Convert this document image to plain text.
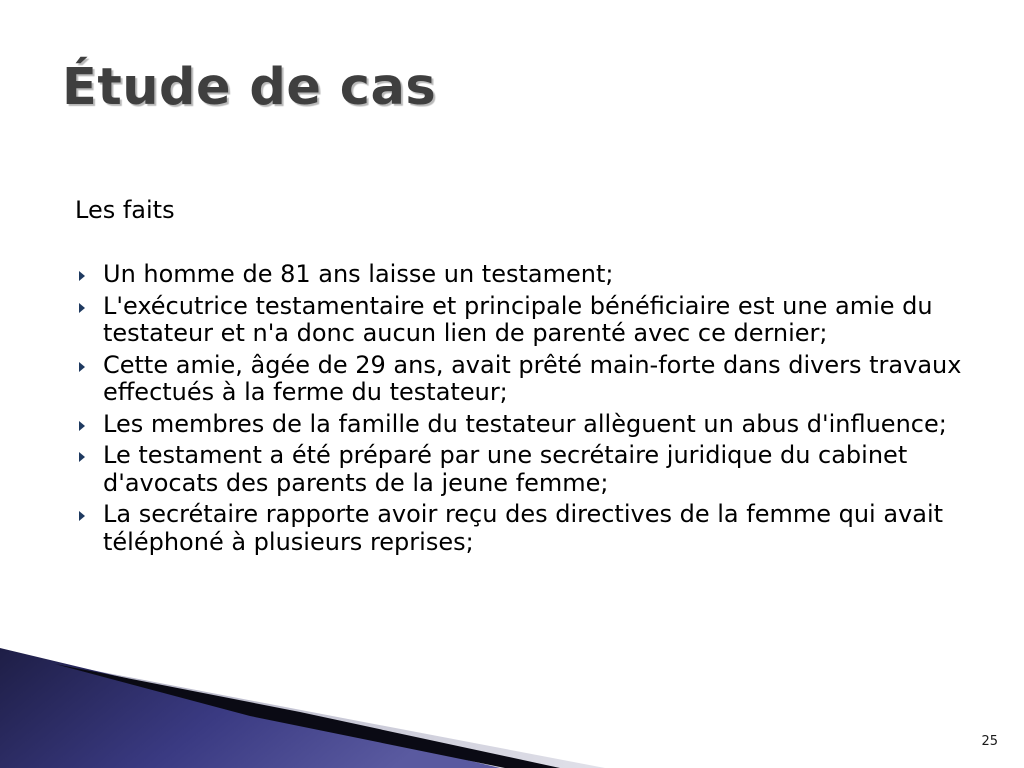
Étude de cas
Les faits
Un homme de 81 ans laisse un testament;
L'exécutrice testamentaire et principale bénéficiaire est une amie du testateur et n'a donc aucun lien de parenté avec ce dernier;
Cette amie, âgée de 29 ans, avait prêté main-forte dans divers travaux effectués à la ferme du testateur;
Les membres de la famille du testateur allèguent un abus d'influence;
Le testament a été préparé par une secrétaire juridique du cabinet d'avocats des parents de la jeune femme;
La secrétaire rapporte avoir reçu des directives de la femme qui avait téléphoné à plusieurs reprises;
25
